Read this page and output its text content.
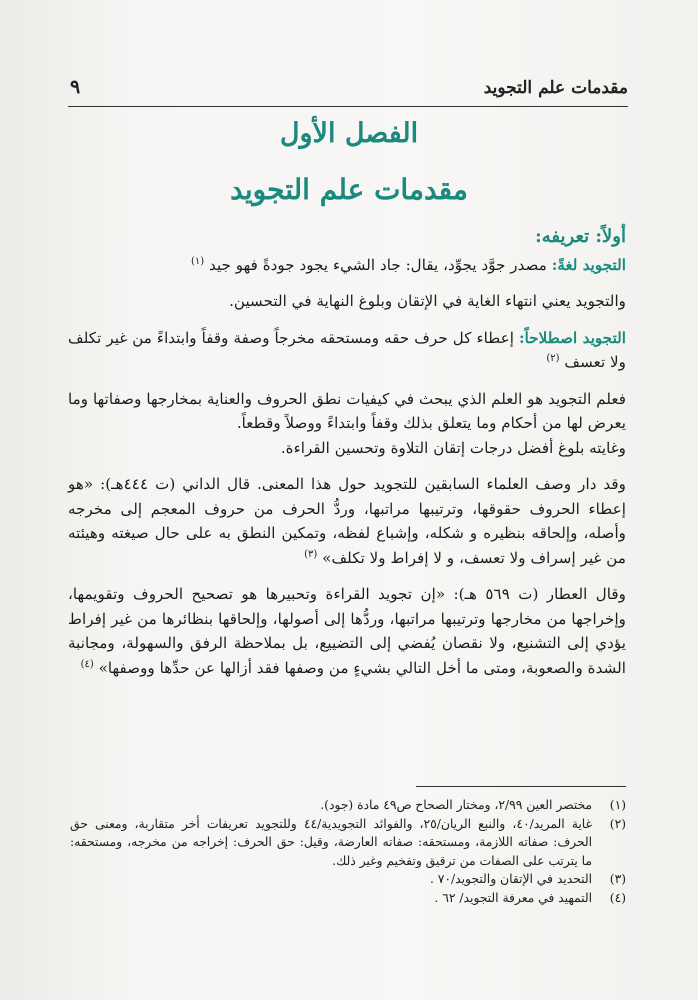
مقدمات علم التجويد
٩
الفصل الأول
مقدمات علم التجويد

أولاً: تعريفه:

التجويد لغةً: مصدر جوَّد يجوِّد، يقال: جاد الشيء يجود جودةً فهو جيد $^{(١)}$

والتجويد يعني انتهاء الغاية في الإتقان وبلوغ النهاية في التحسين.

التجويد اصطلاحاً: إعطاء كل حرف حقه ومستحقه مخرجاً وصفة وقفاً وابتداءً من غير تكلف ولا تعسف $^{(٢)}$

فعلم التجويد هو العلم الذي يبحث في كيفيات نطق الحروف والعناية بمخارجها وصفاتها وما يعرض لها من أحكام وما يتعلق بذلك وقفاً وابتداءً ووصلاً وقطعاً.

وغايته بلوغ أفضل درجات إتقان التلاوة وتحسين القراءة.

وقد دار وصف العلماء السابقين للتجويد حول هذا المعنى. قال الداني (ت ٤٤٤هـ): «هو إعطاء الحروف حقوقها، وترتيبها مراتبها، وردُّ الحرف من حروف المعجم إلى مخرجه وأصله، وإلحاقه بنظيره و شكله، وإشباع لفظه، وتمكين النطق به على حال صيغته وهيئته من غير إسراف ولا تعسف، و لا إفراط ولا تكلف» $^{(٣)}$

وقال العطار (ت ٥٦٩ هـ): «إن تجويد القراءة وتحبيرها هو تصحيح الحروف وتقويمها، وإخراجها من مخارجها وترتيبها مراتبها، وردُّها إلى أصولها، وإلحاقها بنظائرها من غير إفراط يؤدي إلى التشنيع، ولا نقصان يُفضي إلى التضييع، بل بملاحظة الرفق والسهولة، ومجانبة الشدة والصعوبة، ومتى ما أخل التالي بشيءٍ من وصفها فقد أزالها عن حدِّها ووصفها» $^{(٤)}$

(١)
مختصر العين ٢/٩٩، ومختار الصحاح ص٤٩ مادة (جود).
(٢)
غاية المريد/٤٠، والنبع الريان/٢٥، والفوائد التجويدية/٤٤ وللتجويد تعريفات أخر متقاربة، ومعنى حق الحرف: صفاته اللازمة، ومستحقه: صفاته العارضة، وقيل: حق الحرف: إخراجه من مخرجه، ومستحقه: ما يترتب على الصفات من ترقيق وتفخيم وغير ذلك.
(٣)
التحديد في الإتقان والتجويد/٧٠ .
(٤)
التمهيد في معرفة التجويد/ ٦٢ .
